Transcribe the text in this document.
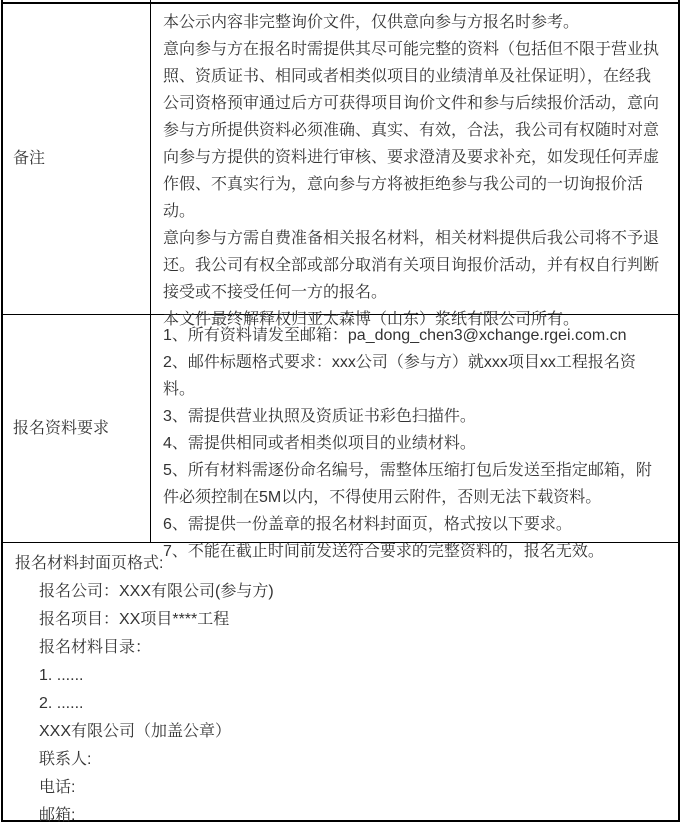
备注

本公示内容非完整询价文件，仅供意向参与方报名时参考。

意向参与方在报名时需提供其尽可能完整的资料（包括但不限于营业执照、资质证书、相同或者相类似项目的业绩清单及社保证明），在经我公司资格预审通过后方可获得项目询价文件和参与后续报价活动，意向参与方所提供资料必须准确、真实、有效，合法，我公司有权随时对意向参与方提供的资料进行审核、要求澄清及要求补充，如发现任何弄虚作假、不真实行为，意向参与方将被拒绝参与我公司的一切询报价活动。

意向参与方需自费准备相关报名材料，相关材料提供后我公司将不予退还。我公司有权全部或部分取消有关项目询报价活动，并有权自行判断接受或不接受任何一方的报名。

本文件最终解释权归亚太森博（山东）浆纸有限公司所有。

报名资料要求

1、所有资料请发至邮箱：pa_dong_chen3@xchange.rgei.com.cn

2、邮件标题格式要求：xxx公司（参与方）就xxx项目xx工程报名资料。

3、需提供营业执照及资质证书彩色扫描件。

4、需提供相同或者相类似项目的业绩材料。

5、所有材料需逐份命名编号，需整体压缩打包后发送至指定邮箱，附件必须控制在5M以内，不得使用云附件，否则无法下载资料。

6、需提供一份盖章的报名材料封面页，格式按以下要求。

7、不能在截止时间前发送符合要求的完整资料的，报名无效。

报名材料封面页格式:

报名公司：XXX有限公司(参与方)

报名项目：XX项目****工程

报名材料目录：

1. ......

2. ......

XXX有限公司（加盖公章）

联系人:

电话:

邮箱:
